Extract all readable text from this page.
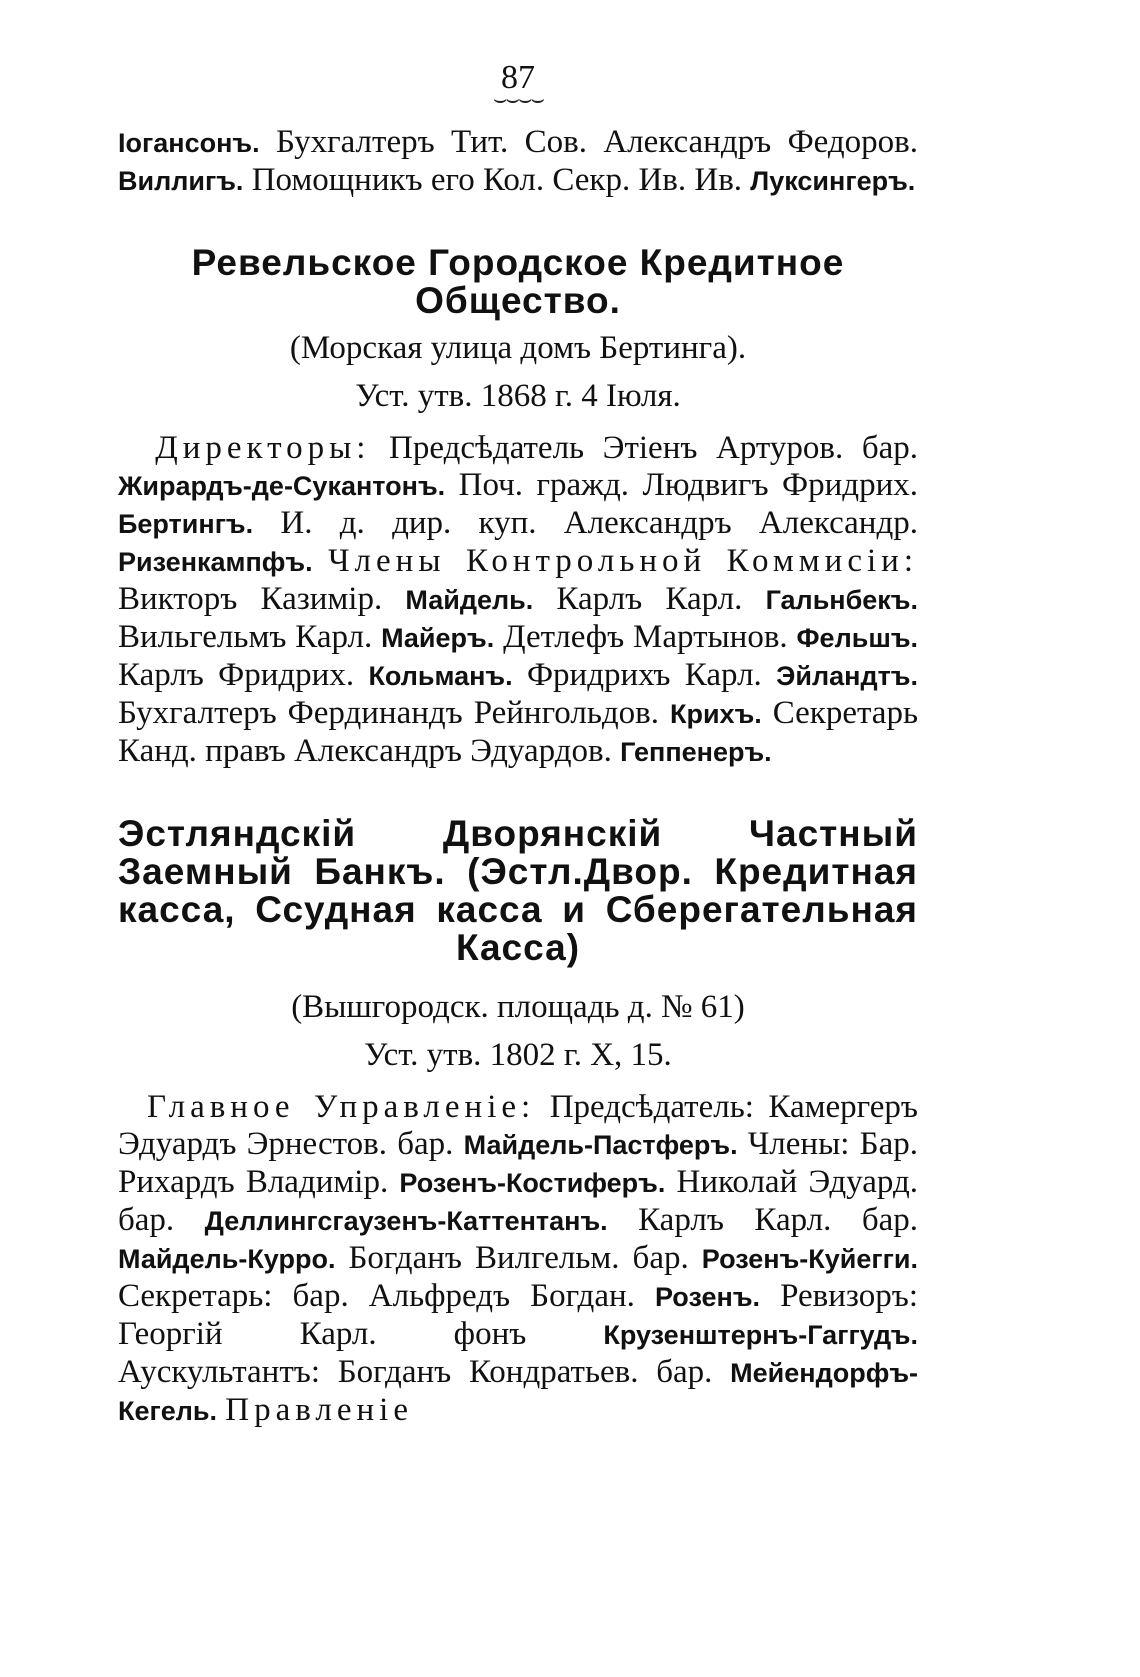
87

⌣⌣⌣⌣

Іогансонъ. Бухгалтеръ Тит. Сов. Александръ Федоров. Виллигъ. Помощникъ его Кол. Секр. Ив. Ив. Луксингеръ.

Ревельское Городское Кредитное Общество.

(Морская улица домъ Бертинга).

Уст. утв. 1868 г. 4 Іюля.

Директоры: Предсѣдатель Этіенъ Артуров. бар. Жирардъ-де-Сукантонъ. Поч. гражд. Людвигъ Фридрих. Бертингъ. И. д. дир. куп. Александръ Александр. Ризенкампфъ. Члены Контрольной Коммисіи: Викторъ Казимір. Майдель. Карлъ Карл. Гальнбекъ. Вильгельмъ Карл. Майеръ. Детлефъ Мартынов. Фельшъ. Карлъ Фридрих. Кольманъ. Фридрихъ Карл. Эйландтъ. Бухгалтеръ Фердинандъ Рейнгольдов. Крихъ. Секретарь Канд. правъ Александръ Эдуардов. Геппенеръ.

Эстляндскій Дворянскій Частный Заемный Банкъ. (Эстл.Двор. Кредитная касса, Ссудная касса и Сберегательная Касса)

(Вышгородск. площадь д. № 61)

Уст. утв. 1802 г. X, 15.

Главное Управленіе: Предсѣдатель: Камергеръ Эдуардъ Эрнестов. бар. Майдель-Пастферъ. Члены: Бар. Рихардъ Владимір. Розенъ-Костиферъ. Николай Эдуард. бар. Деллингсгаузенъ-Каттентанъ. Карлъ Карл. бар. Майдель-Курро. Богданъ Вилгельм. бар. Розенъ-Куйегги. Секретарь: бар. Альфредъ Богдан. Розенъ. Ревизоръ: Георгій Карл. фонъ Крузенштернъ-Гаггудъ. Аускультантъ: Богданъ Кондратьев. бар. Мейендорфъ-Кегель. Правленіе
